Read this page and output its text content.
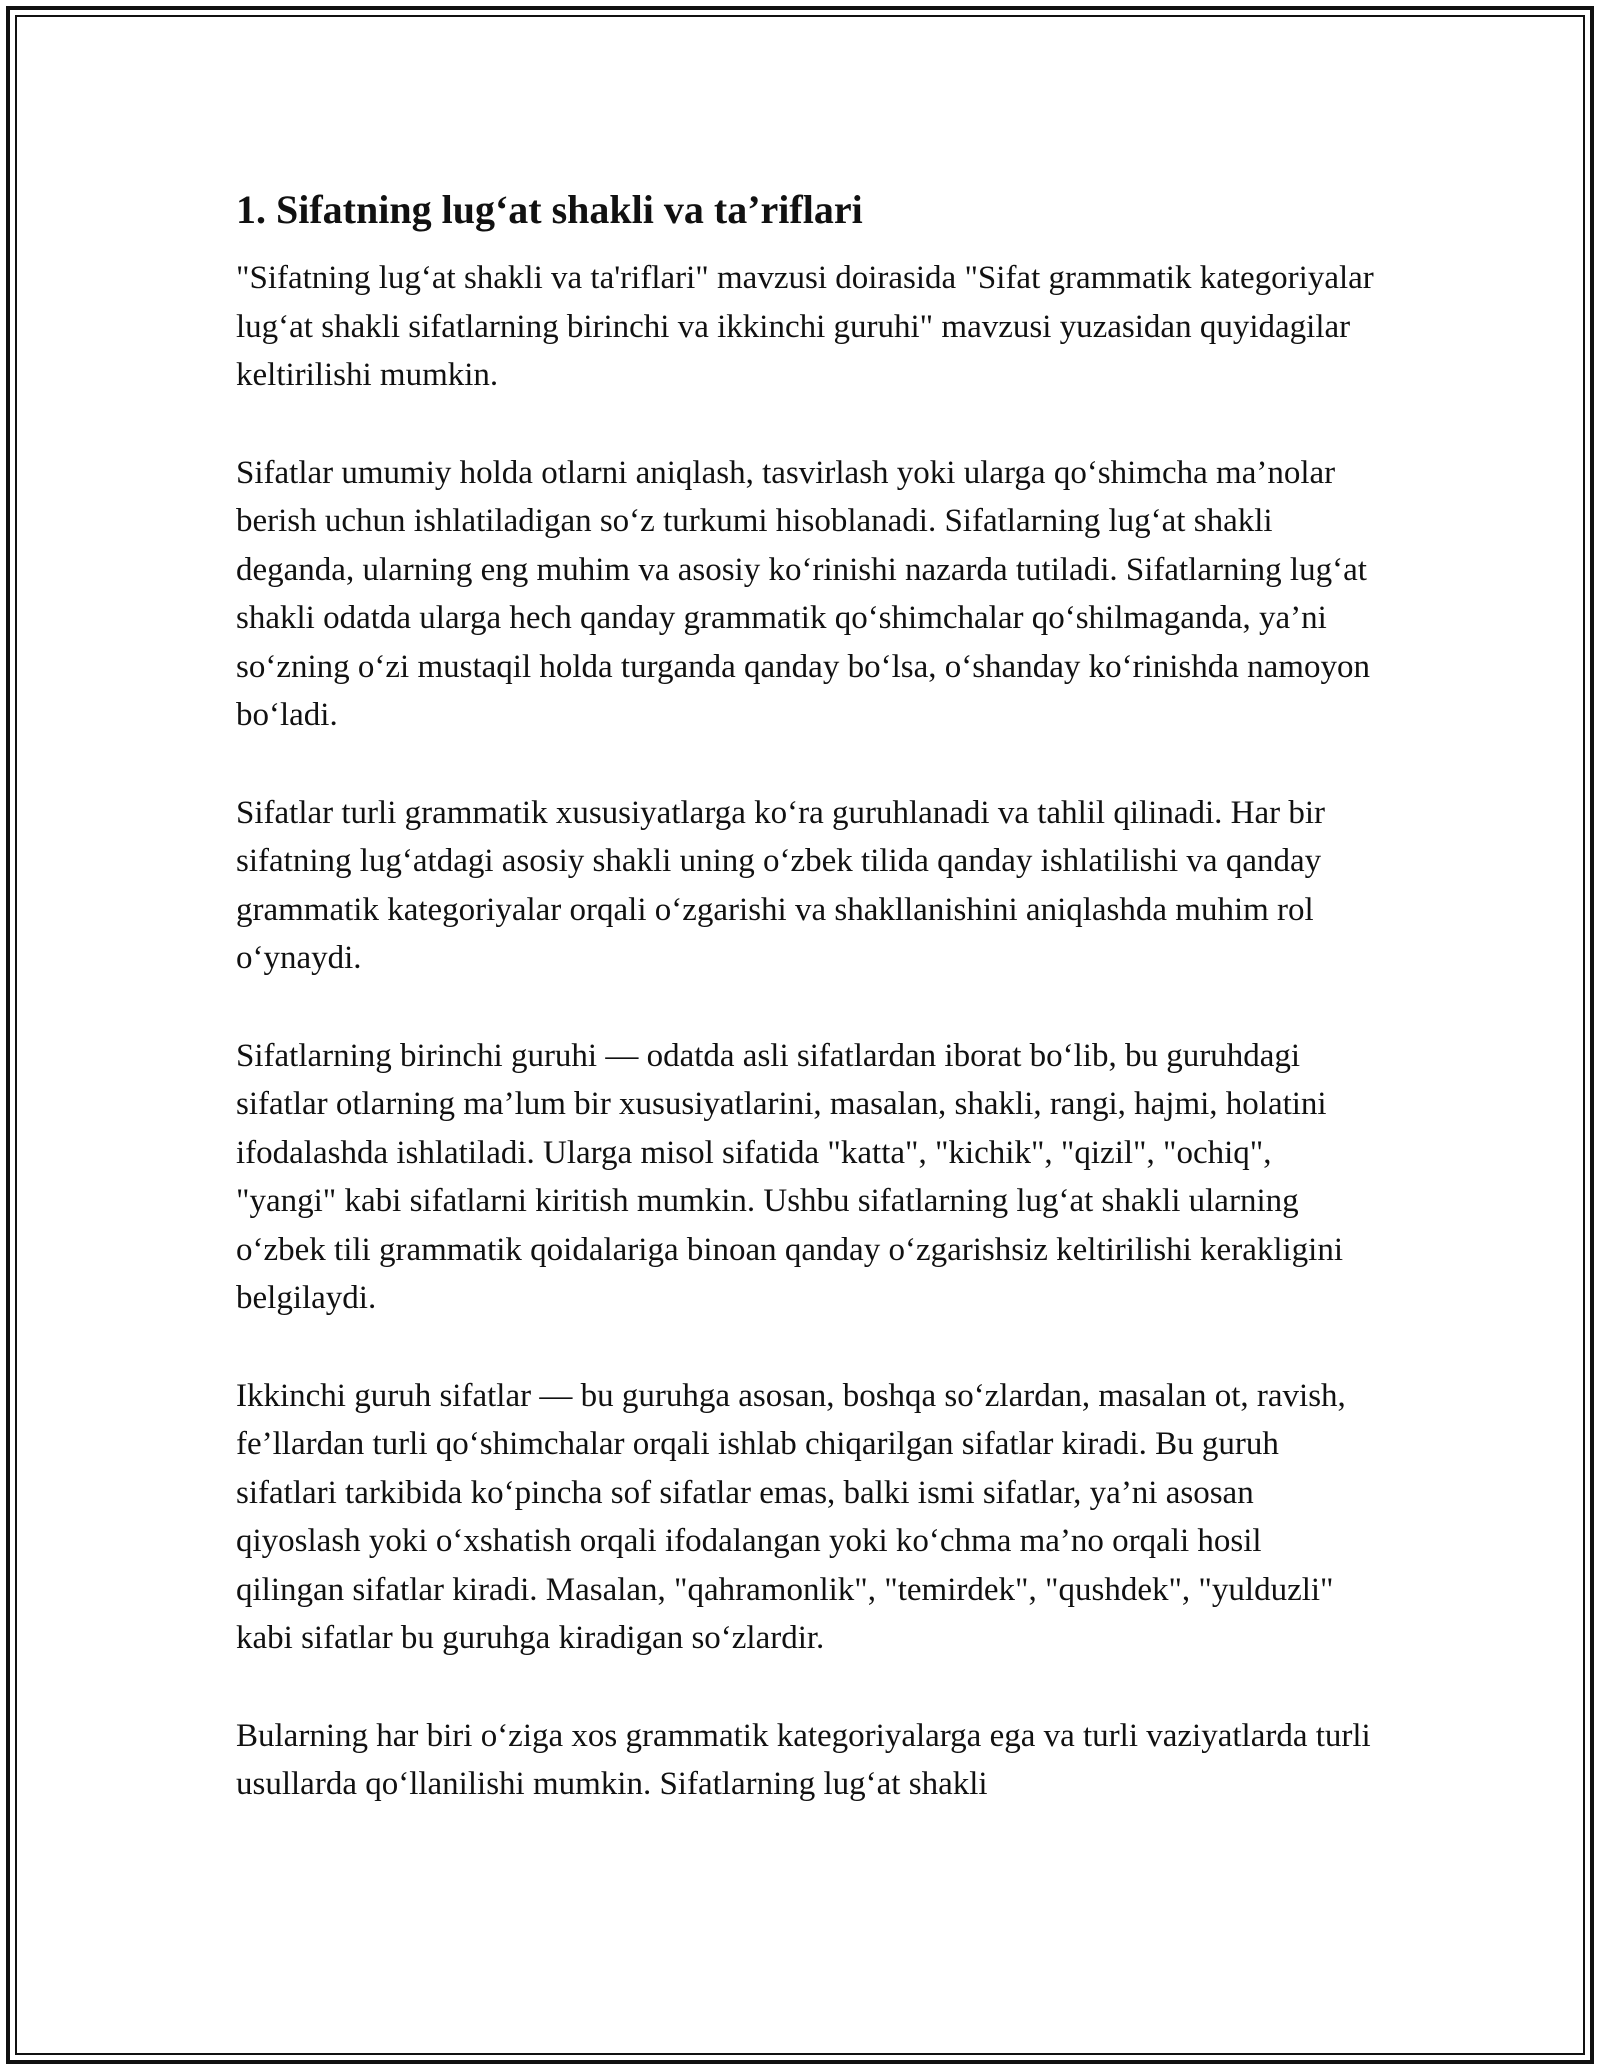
1. Sifatning lug‘at shakli va ta’riflari

"Sifatning lug‘at shakli va ta'riflari" mavzusi doirasida "Sifat grammatik kategoriyalar lug‘at shakli sifatlarning birinchi va ikkinchi guruhi" mavzusi yuzasidan quyidagilar keltirilishi mumkin.

Sifatlar umumiy holda otlarni aniqlash, tasvirlash yoki ularga qo‘shimcha ma’nolar berish uchun ishlatiladigan so‘z turkumi hisoblanadi. Sifatlarning lug‘at shakli deganda, ularning eng muhim va asosiy ko‘rinishi nazarda tutiladi. Sifatlarning lug‘at shakli odatda ularga hech qanday grammatik qo‘shimchalar qo‘shilmaganda, ya’ni so‘zning o‘zi mustaqil holda turganda qanday bo‘lsa, o‘shanday ko‘rinishda namoyon bo‘ladi.

Sifatlar turli grammatik xususiyatlarga ko‘ra guruhlanadi va tahlil qilinadi. Har bir sifatning lug‘atdagi asosiy shakli uning o‘zbek tilida qanday ishlatilishi va qanday grammatik kategoriyalar orqali o‘zgarishi va shakllanishini aniqlashda muhim rol o‘ynaydi.

Sifatlarning birinchi guruhi — odatda asli sifatlardan iborat bo‘lib, bu guruhdagi sifatlar otlarning ma’lum bir xususiyatlarini, masalan, shakli, rangi, hajmi, holatini ifodalashda ishlatiladi. Ularga misol sifatida "katta", "kichik", "qizil", "ochiq", "yangi" kabi sifatlarni kiritish mumkin. Ushbu sifatlarning lug‘at shakli ularning o‘zbek tili grammatik qoidalariga binoan qanday o‘zgarishsiz keltirilishi kerakligini belgilaydi.

Ikkinchi guruh sifatlar — bu guruhga asosan, boshqa so‘zlardan, masalan ot, ravish, fe’llardan turli qo‘shimchalar orqali ishlab chiqarilgan sifatlar kiradi. Bu guruh sifatlari tarkibida ko‘pincha sof sifatlar emas, balki ismi sifatlar, ya’ni asosan qiyoslash yoki o‘xshatish orqali ifodalangan yoki ko‘chma ma’no orqali hosil qilingan sifatlar kiradi. Masalan, "qahramonlik", "temirdek", "qushdek", "yulduzli" kabi sifatlar bu guruhga kiradigan so‘zlardir.

Bularning har biri o‘ziga xos grammatik kategoriyalarga ega va turli vaziyatlarda turli usullarda qo‘llanilishi mumkin. Sifatlarning lug‘at shakli
